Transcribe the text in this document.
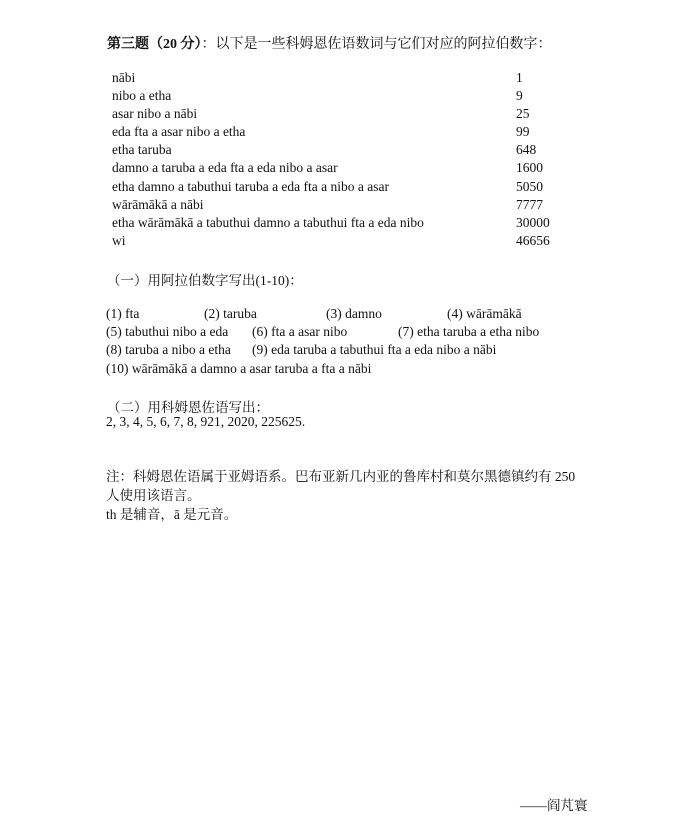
第三题（20 分）：以下是一些科姆恩佐语数词与它们对应的阿拉伯数字：
nābi	1
nibo a etha	9
asar nibo a nābi	25
eda fta a asar nibo a etha	99
etha taruba	648
damno a taruba a eda fta a eda nibo a asar	1600
etha damno a tabuthui taruba a eda fta a nibo a asar	5050
wārāmākā a nābi	7777
etha wārāmākā a tabuthui damno a tabuthui fta a eda nibo	30000
wi	46656
（一）用阿拉伯数字写出(1-10)：
(1) fta	(2) taruba	(3) damno	(4) wārāmākā
(5) tabuthui nibo a eda (6) fta a asar nibo	(7) etha taruba a etha nibo
(8) taruba a nibo a etha (9) eda taruba a tabuthui fta a eda nibo a nābi
(10) wārāmākā a damno a asar taruba a fta a nābi
（二）用科姆恩佐语写出：
2, 3, 4, 5, 6, 7, 8, 921, 2020, 225625.
注：科姆恩佐语属于亚姆语系。巴布亚新几内亚的鲁库村和莫尔黑德镇约有 250
人使用该语言。
th 是辅音，ā 是元音。
——阎芃寰
